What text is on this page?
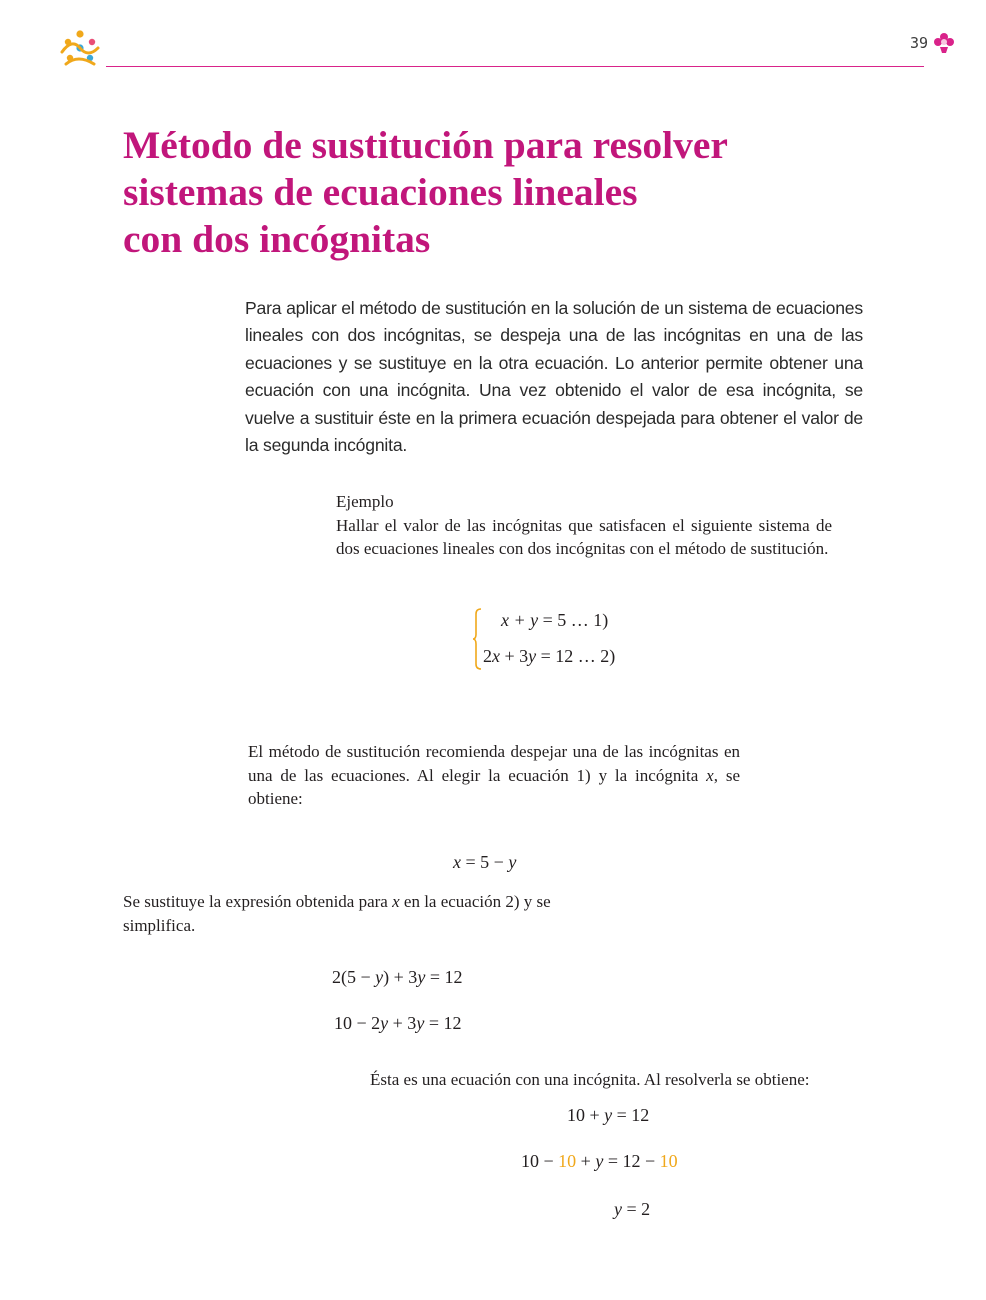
39
Método de sustitución para resolver
sistemas de ecuaciones lineales
con dos incógnitas

Para aplicar el método de sustitución en la solución de un sistema de ecuaciones lineales con dos incógnitas, se despeja una de las incógnitas en una de las ecuaciones y se sustituye en la otra ecuación. Lo anterior permite obtener una ecuación con una incógnita. Una vez obtenido el valor de esa incógnita, se vuelve a sustituir éste en la primera ecuación despejada para obtener el valor de la segunda incógnita.

Ejemplo

Hallar el valor de las incógnitas que satisfacen el siguiente sistema de dos ecuaciones lineales con dos incógnitas con el método de sustitución.

x + y = 5 … 1)
2x + 3y = 12 … 2)

El método de sustitución recomienda despejar una de las incógnitas en una de las ecuaciones. Al elegir la ecuación 1) y la incógnita x, se obtiene:

x = 5 − y

Se sustituye la expresión obtenida para x en la ecuación 2) y se simplifica.

2(5 − y) + 3y = 12
10 − 2y + 3y = 12

Ésta es una ecuación con una incógnita. Al resolverla se obtiene:

10 + y = 12
10 − 10 + y = 12 − 10
y = 2
